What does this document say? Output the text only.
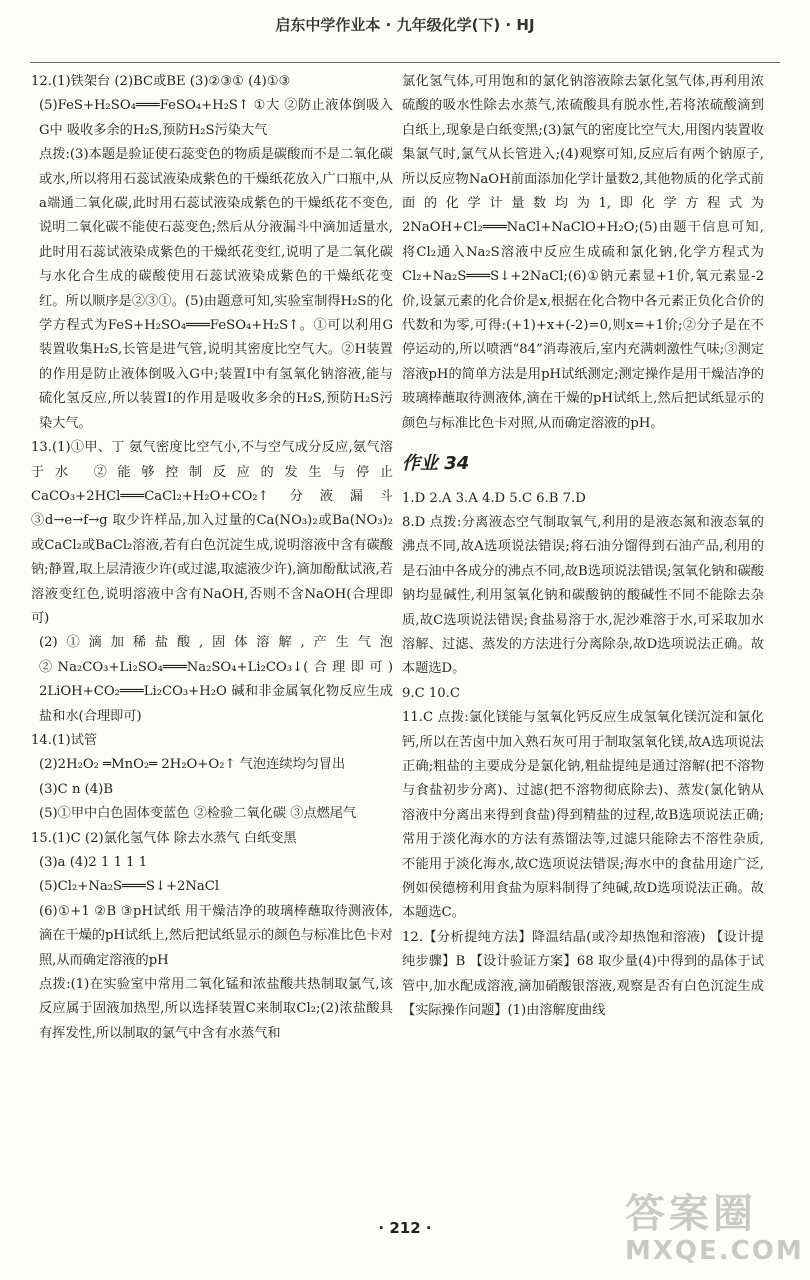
启东中学作业本 · 九年级化学(下) · HJ

12.(1)铁架台 (2)BC或BE (3)②③① (4)①③

(5)FeS+H₂SO₄═══FeSO₄+H₂S↑ ①大 ②防止液体倒吸入G中 吸收多余的H₂S,预防H₂S污染大气

点拨:(3)本题是验证使石蕊变色的物质是碳酸而不是二氧化碳或水,所以将用石蕊试液染成紫色的干燥纸花放入广口瓶中,从a端通二氧化碳,此时用石蕊试液染成紫色的干燥纸花不变色,说明二氧化碳不能使石蕊变色;然后从分液漏斗中滴加适量水,此时用石蕊试液染成紫色的干燥纸花变红,说明了是二氧化碳与水化合生成的碳酸使用石蕊试液染成紫色的干燥纸花变红。所以顺序是②③①。(5)由题意可知,实验室制得H₂S的化学方程式为FeS+H₂SO₄═══FeSO₄+H₂S↑。①可以利用G装置收集H₂S,长管是进气管,说明其密度比空气大。②H装置的作用是防止液体倒吸入G中;装置I中有氢氧化钠溶液,能与硫化氢反应,所以装置I的作用是吸收多余的H₂S,预防H₂S污染大气。

13.(1)①甲、丁 氨气密度比空气小,不与空气成分反应,氨气溶于水 ②能够控制反应的发生与停止 CaCO₃+2HCl═══CaCl₂+H₂O+CO₂↑ 分液漏斗 ③d→e→f→g 取少许样品,加入过量的Ca(NO₃)₂或Ba(NO₃)₂或CaCl₂或BaCl₂溶液,若有白色沉淀生成,说明溶液中含有碳酸钠;静置,取上层清液少许(或过滤,取滤液少许),滴加酚酞试液,若溶液变红色,说明溶液中含有NaOH,否则不含NaOH(合理即可)

(2)①滴加稀盐酸,固体溶解,产生气泡 ②Na₂CO₃+Li₂SO₄═══Na₂SO₄+Li₂CO₃↓(合理即可) 2LiOH+CO₂═══Li₂CO₃+H₂O 碱和非金属氧化物反应生成盐和水(合理即可)

14.(1)试管

(2)2H₂O₂ ═MnO₂═ 2H₂O+O₂↑ 气泡连续均匀冒出

(3)C n (4)B

(5)①甲中白色固体变蓝色 ②检验二氧化碳 ③点燃尾气

15.(1)C (2)氯化氢气体 除去水蒸气 白纸变黑

(3)a (4)2 1 1 1 1

(5)Cl₂+Na₂S═══S↓+2NaCl

(6)①+1 ②B ③pH试纸 用干燥洁净的玻璃棒蘸取待测液体,滴在干燥的pH试纸上,然后把试纸显示的颜色与标准比色卡对照,从而确定溶液的pH

点拨:(1)在实验室中常用二氧化锰和浓盐酸共热制取氯气,该反应属于固液加热型,所以选择装置C来制取Cl₂;(2)浓盐酸具有挥发性,所以制取的氯气中含有水蒸气和

氯化氢气体,可用饱和的氯化钠溶液除去氯化氢气体,再利用浓硫酸的吸水性除去水蒸气,浓硫酸具有脱水性,若将浓硫酸滴到白纸上,现象是白纸变黑;(3)氯气的密度比空气大,用图内装置收集氯气时,氯气从长管进入;(4)观察可知,反应后有两个钠原子,所以反应物NaOH前面添加化学计量数2,其他物质的化学式前面的化学计量数均为1,即化学方程式为2NaOH+Cl₂═══NaCl+NaClO+H₂O;(5)由题干信息可知,将Cl₂通入Na₂S溶液中反应生成硫和氯化钠,化学方程式为Cl₂+Na₂S═══S↓+2NaCl;(6)①钠元素显+1价,氧元素显-2价,设氯元素的化合价是x,根据在化合物中各元素正负化合价的代数和为零,可得:(+1)+x+(-2)=0,则x=+1价;②分子是在不停运动的,所以喷洒“84”消毒液后,室内充满刺激性气味;③测定溶液pH的简单方法是用pH试纸测定;测定操作是用干燥洁净的玻璃棒蘸取待测液体,滴在干燥的pH试纸上,然后把试纸显示的颜色与标准比色卡对照,从而确定溶液的pH。

作业 34

1.D 2.A 3.A 4.D 5.C 6.B 7.D

8.D 点拨:分离液态空气制取氧气,利用的是液态氮和液态氧的沸点不同,故A选项说法错误;将石油分馏得到石油产品,利用的是石油中各成分的沸点不同,故B选项说法错误;氢氧化钠和碳酸钠均显碱性,利用氢氧化钠和碳酸钠的酸碱性不同不能除去杂质,故C选项说法错误;食盐易溶于水,泥沙难溶于水,可采取加水溶解、过滤、蒸发的方法进行分离除杂,故D选项说法正确。故本题选D。

9.C 10.C

11.C 点拨:氯化镁能与氢氧化钙反应生成氢氧化镁沉淀和氯化钙,所以在苦卤中加入熟石灰可用于制取氢氧化镁,故A选项说法正确;粗盐的主要成分是氯化钠,粗盐提纯是通过溶解(把不溶物与食盐初步分离)、过滤(把不溶物彻底除去)、蒸发(氯化钠从溶液中分离出来得到食盐)得到精盐的过程,故B选项说法正确;常用于淡化海水的方法有蒸馏法等,过滤只能除去不溶性杂质,不能用于淡化海水,故C选项说法错误;海水中的食盐用途广泛,例如侯德榜利用食盐为原料制得了纯碱,故D选项说法正确。故本题选C。

12.【分析提纯方法】降温结晶(或冷却热饱和溶液) 【设计提纯步骤】B 【设计验证方案】68 取少量(4)中得到的晶体于试管中,加水配成溶液,滴加硝酸银溶液,观察是否有白色沉淀生成 【实际操作问题】(1)由溶解度曲线

· 212 ·	答案圈
MXQE.COM
